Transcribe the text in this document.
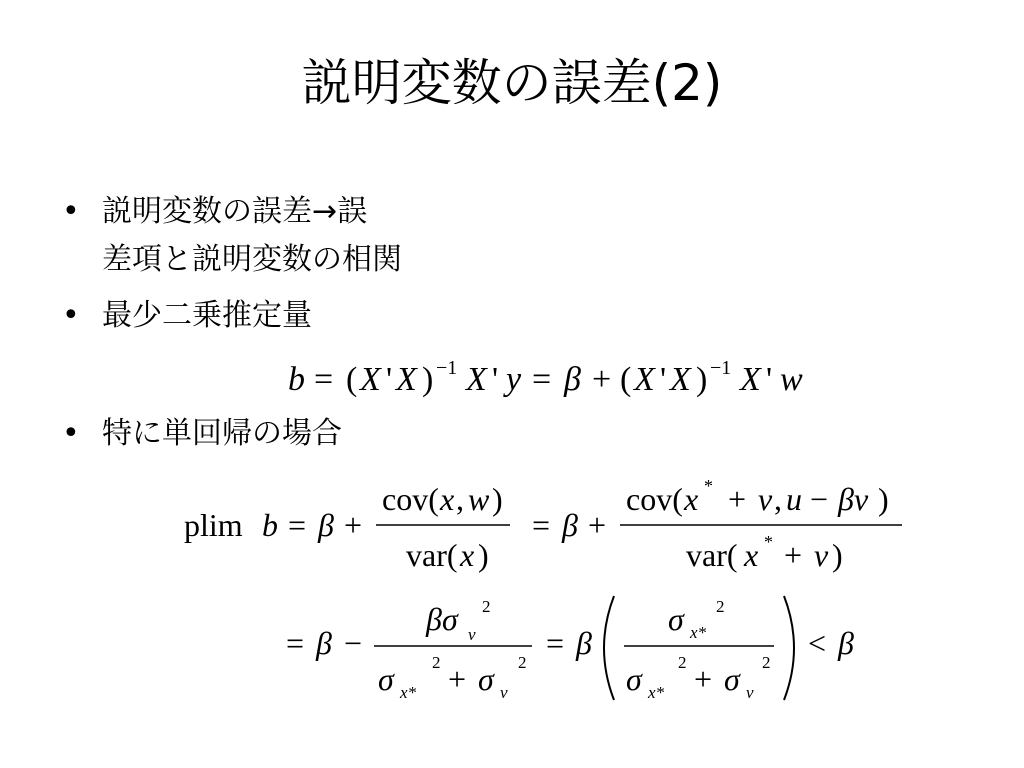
説明変数の誤差(2)
• 説明変数の誤差→誤
差項と説明変数の相関
• 最少二乗推定量
b = ( X ' X ) −1 X ' y = β + ( X ' X ) −1 X ' w
• 特に単回帰の場合
plim b = β +
cov( x , w )
var( x )
= β +
cov( x * + v , u − βv )
var( x * + v )
= β −
βσ v
2
σ x*
2 + σ v
2
= β
σ x*
2
σ x*
2 + σ v
2
< β
